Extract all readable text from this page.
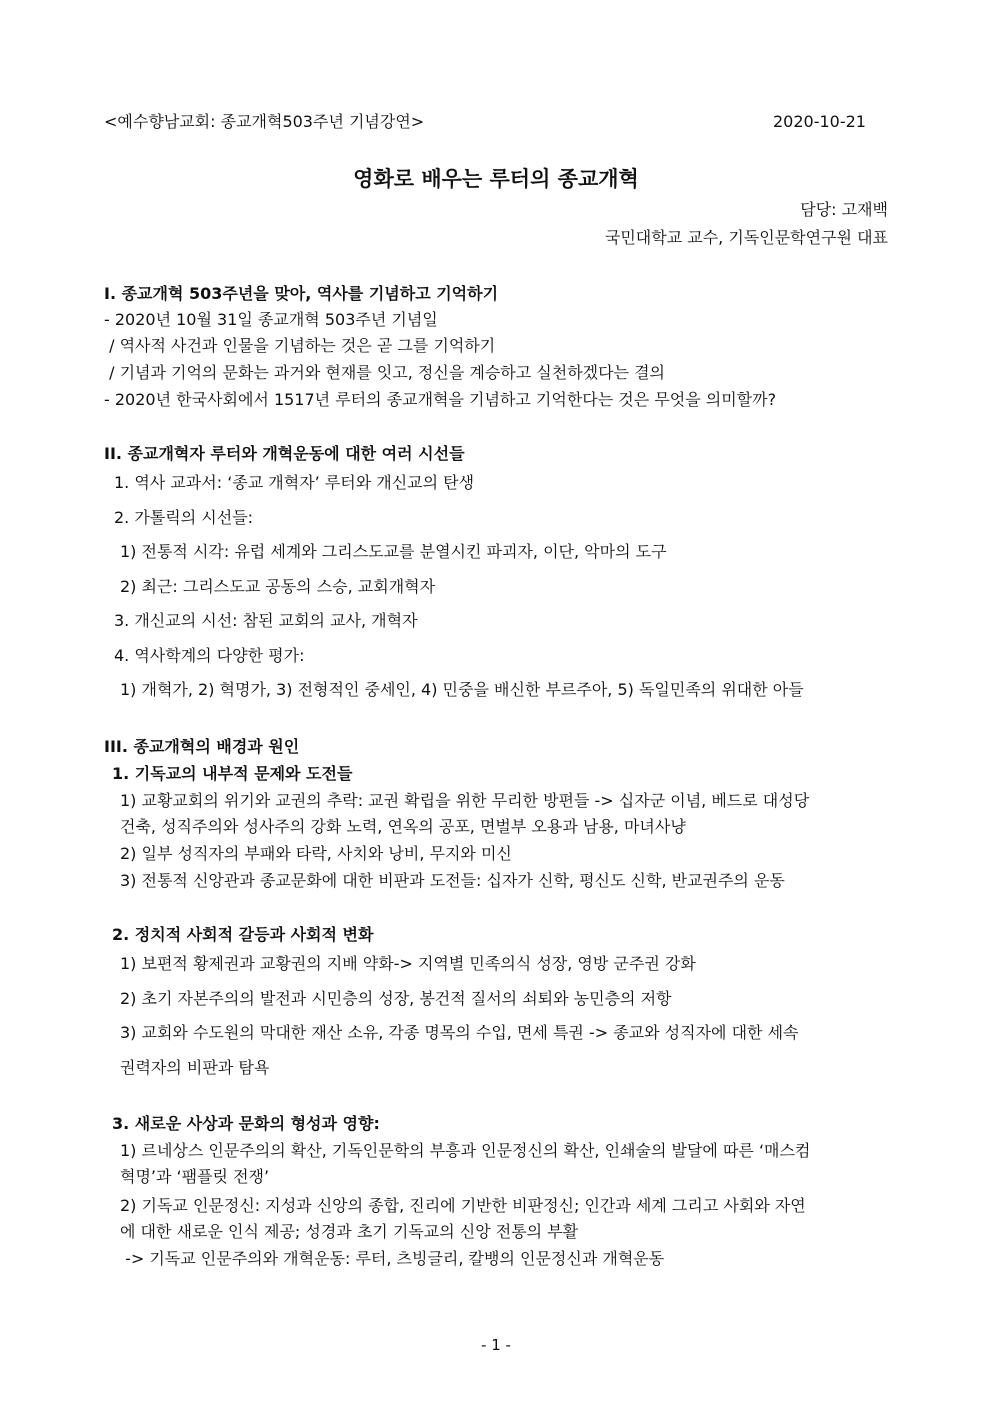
<예수향남교회: 종교개혁503주년 기념강연>	2020-10-21
영화로 배우는 루터의 종교개혁
담당: 고재백
국민대학교 교수, 기독인문학연구원 대표
I. 종교개혁 503주년을 맞아, 역사를 기념하고 기억하기
- 2020년 10월 31일 종교개혁 503주년 기념일
/ 역사적 사건과 인물을 기념하는 것은 곧 그를 기억하기
/ 기념과 기억의 문화는 과거와 현재를 잇고, 정신을 계승하고 실천하겠다는 결의
- 2020년 한국사회에서 1517년 루터의 종교개혁을 기념하고 기억한다는 것은 무엇을 의미할까?
II. 종교개혁자 루터와 개혁운동에 대한 여러 시선들
1. 역사 교과서: ‘종교 개혁자’ 루터와 개신교의 탄생
2. 가톨릭의 시선들:
1) 전통적 시각: 유럽 세계와 그리스도교를 분열시킨 파괴자, 이단, 악마의 도구
2) 최근: 그리스도교 공동의 스승, 교회개혁자
3. 개신교의 시선: 참된 교회의 교사, 개혁자
4. 역사학계의 다양한 평가:
1) 개혁가, 2) 혁명가, 3) 전형적인 중세인, 4) 민중을 배신한 부르주아, 5) 독일민족의 위대한 아들
III. 종교개혁의 배경과 원인
1. 기독교의 내부적 문제와 도전들
1) 교황교회의 위기와 교권의 추락: 교권 확립을 위한 무리한 방편들 -> 십자군 이념, 베드로 대성당
건축, 성직주의와 성사주의 강화 노력, 연옥의 공포, 면벌부 오용과 남용, 마녀사냥
2) 일부 성직자의 부패와 타락, 사치와 낭비, 무지와 미신
3) 전통적 신앙관과 종교문화에 대한 비판과 도전들: 십자가 신학, 평신도 신학, 반교권주의 운동
2. 정치적 사회적 갈등과 사회적 변화
1) 보편적 황제권과 교황권의 지배 약화-> 지역별 민족의식 성장, 영방 군주권 강화
2) 초기 자본주의의 발전과 시민층의 성장, 봉건적 질서의 쇠퇴와 농민층의 저항
3) 교회와 수도원의 막대한 재산 소유, 각종 명목의 수입, 면세 특권 -> 종교와 성직자에 대한 세속
권력자의 비판과 탐욕
3. 새로운 사상과 문화의 형성과 영향:
1) 르네상스 인문주의의 확산, 기독인문학의 부흥과 인문정신의 확산, 인쇄술의 발달에 따른 ‘매스컴
혁명’과 ‘팸플릿 전쟁’
2) 기독교 인문정신: 지성과 신앙의 종합, 진리에 기반한 비판정신; 인간과 세계 그리고 사회와 자연
에 대한 새로운 인식 제공; 성경과 초기 기독교의 신앙 전통의 부활
-> 기독교 인문주의와 개혁운동: 루터, 츠빙글리, 칼뱅의 인문정신과 개혁운동
- 1 -
